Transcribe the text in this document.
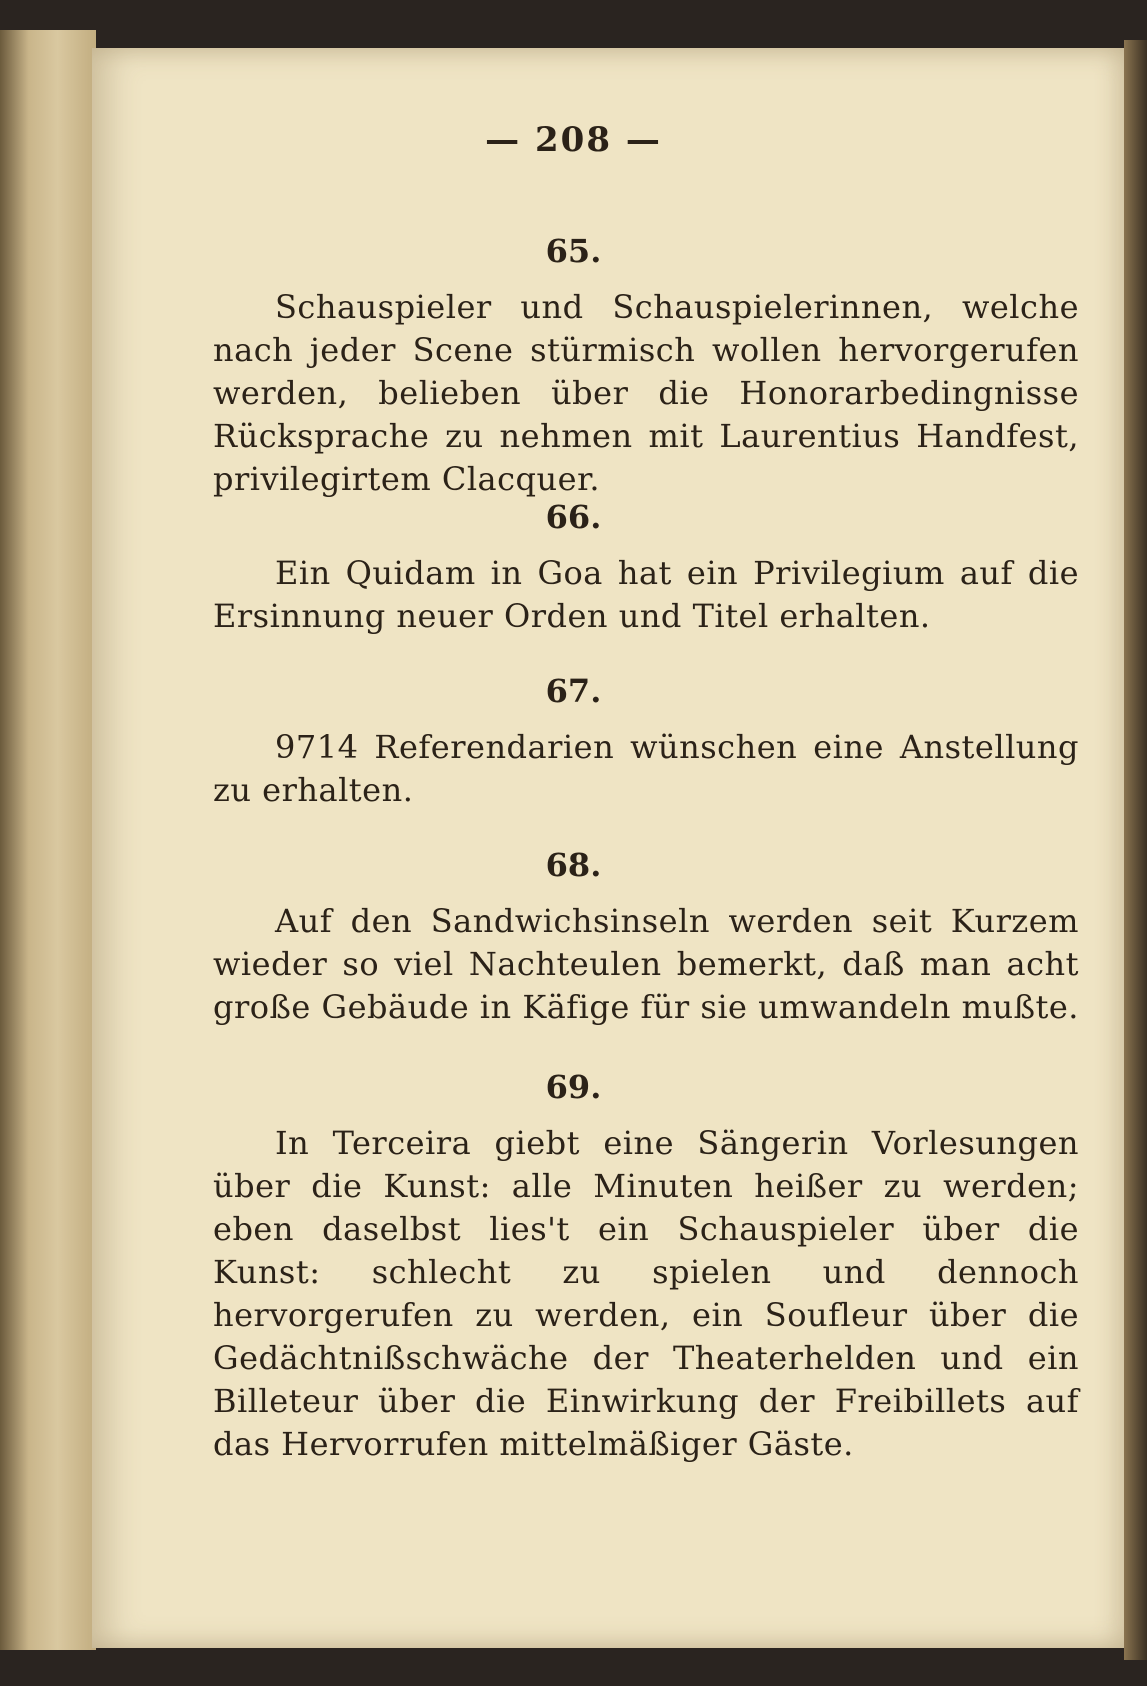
— 208 —
65.
Schauspieler und Schauspielerinnen, welche nach jeder Scene stürmisch wollen hervorgerufen werden, belieben über die Honorarbedingnisse Rücksprache zu nehmen mit Laurentius Handfest, privilegirtem Clacquer.
66.
Ein Quidam in Goa hat ein Privilegium auf die Ersinnung neuer Orden und Titel erhalten.
67.
9714 Referendarien wünschen eine Anstellung zu erhalten.
68.
Auf den Sandwichsinseln werden seit Kurzem wieder so viel Nachteulen bemerkt, daß man acht große Gebäude in Käfige für sie umwandeln mußte.
69.
In Terceira giebt eine Sängerin Vorlesungen über die Kunst: alle Minuten heißer zu werden; eben daselbst lies't ein Schauspieler über die Kunst: schlecht zu spielen und dennoch hervorgerufen zu werden, ein Soufleur über die Gedächtnißschwäche der Theaterhelden und ein Billeteur über die Einwirkung der Freibillets auf das Hervorrufen mittelmäßiger Gäste.
